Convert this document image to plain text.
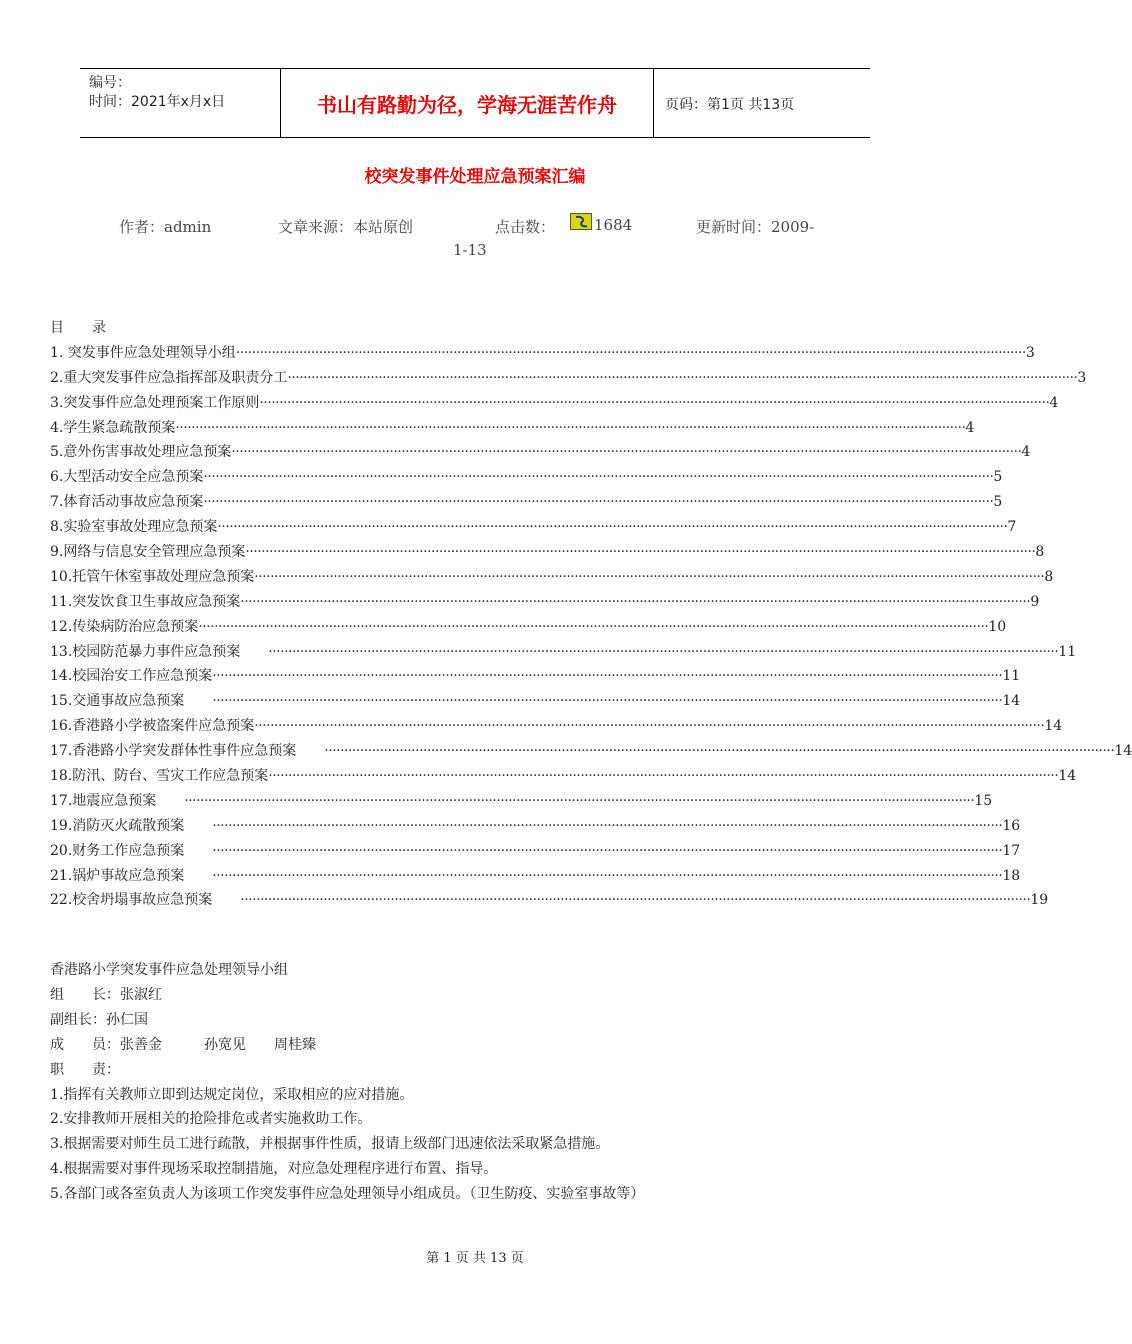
编号：
时间：2021年x月x日	书山有路勤为径，学海无涯苦作舟	页码：第1页 共13页
校突发事件处理应急预案汇编
作者：admin	文章来源：本站原创	点击数：	1684	更新时间：2009-
1-13
目　　录
1. 突发事件应急处理领导小组 ········································································································································································································ 3
2.重大突发事件应急指挥部及职责分工 ········································································································································································································ 3
3.突发事件应急处理预案工作原则 ········································································································································································································ 4
4.学生紧急疏散预案 ········································································································································································································ 4
5.意外伤害事故处理应急预案 ········································································································································································································ 4
6.大型活动安全应急预案 ········································································································································································································ 5
7.体育活动事故应急预案 ········································································································································································································ 5
8.实验室事故处理应急预案 ········································································································································································································ 7
9.网络与信息安全管理应急预案 ········································································································································································································ 8
10.托管午休室事故处理应急预案 ········································································································································································································ 8
11.突发饮食卫生事故应急预案 ········································································································································································································ 9
12.传染病防治应急预案 ········································································································································································································ 10
13.校园防范暴力事件应急预案　　 ········································································································································································································ 11
14.校园治安工作应急预案 ········································································································································································································ 11
15.交通事故应急预案　　 ········································································································································································································ 14
16.香港路小学被盗案件应急预案 ········································································································································································································ 14
17.香港路小学突发群体性事件应急预案　　 ········································································································································································································ 14
18.防汛、防台、雪灾工作应急预案 ········································································································································································································ 14
17.地震应急预案　　 ········································································································································································································ 15
19.消防灭火疏散预案　　 ········································································································································································································ 16
20.财务工作应急预案　　 ········································································································································································································ 17
21.锅炉事故应急预案　　 ········································································································································································································ 18
22.校舍坍塌事故应急预案　　 ········································································································································································································ 19

香港路小学突发事件应急处理领导小组

组　　长：张淑红

副组长：孙仁国

成　　员：张善金　　　孙宽见　　周桂臻

职　　责：

1.指挥有关教师立即到达规定岗位，采取相应的应对措施。

2.安排教师开展相关的抢险排危或者实施救助工作。

3.根据需要对师生员工进行疏散，并根据事件性质，报请上级部门迅速依法采取紧急措施。

4.根据需要对事件现场采取控制措施，对应急处理程序进行布置、指导。

5.各部门或各室负责人为该项工作突发事件应急处理领导小组成员。（卫生防疫、实验室事故等）

第 1 页 共 13 页
